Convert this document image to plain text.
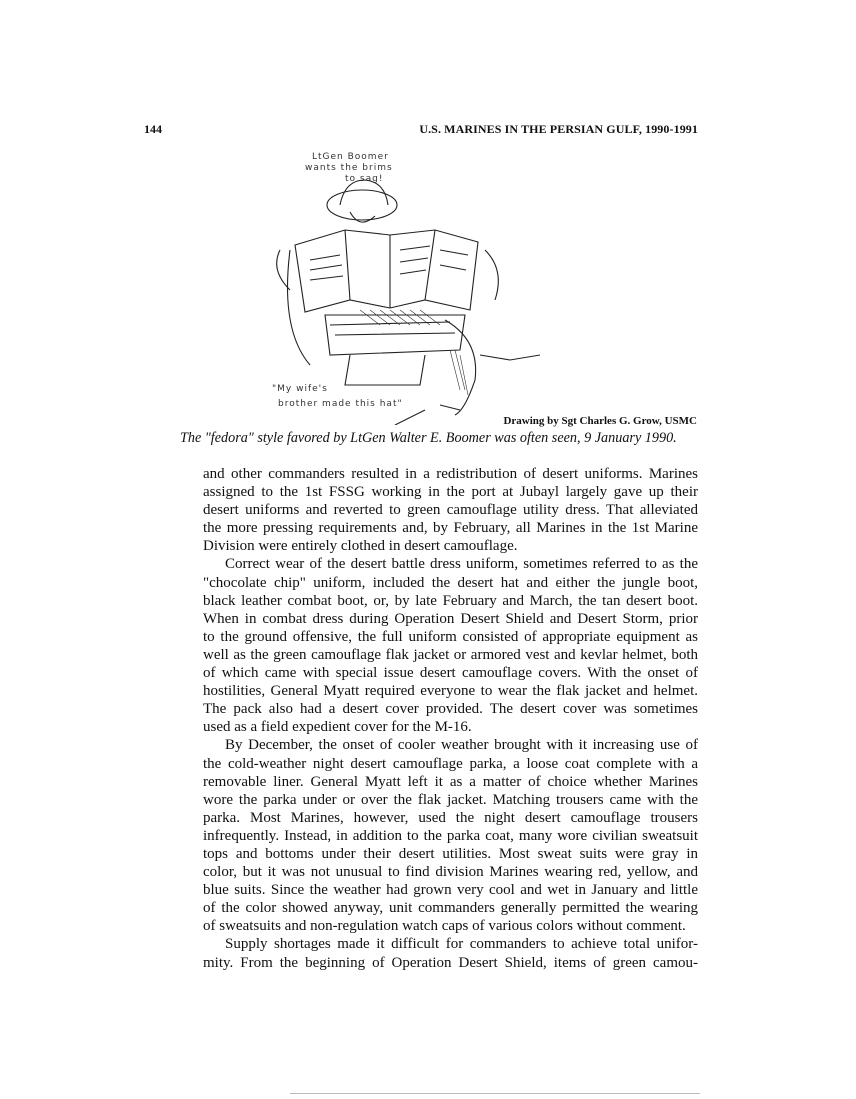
144	U.S. MARINES IN THE PERSIAN GULF, 1990-1991
LtGen Boomer
wants the brims
to sag!
"My wife's
brother made this hat"
Drawing by Sgt Charles G. Grow, USMC
The "fedora" style favored by LtGen Walter E. Boomer was often seen, 9 January 1990.
and other commanders resulted in a redistribution of desert uniforms. Marines
assigned to the 1st FSSG working in the port at Jubayl largely gave up their
desert uniforms and reverted to green camouflage utility dress. That alleviated
the more pressing requirements and, by February, all Marines in the 1st Marine
Division were entirely clothed in desert camouflage.
Correct wear of the desert battle dress uniform, sometimes referred to as the
"chocolate chip" uniform, included the desert hat and either the jungle boot,
black leather combat boot, or, by late February and March, the tan desert boot.
When in combat dress during Operation Desert Shield and Desert Storm, prior
to the ground offensive, the full uniform consisted of appropriate equipment as
well as the green camouflage flak jacket or armored vest and kevlar helmet, both
of which came with special issue desert camouflage covers. With the onset of
hostilities, General Myatt required everyone to wear the flak jacket and helmet.
The pack also had a desert cover provided. The desert cover was sometimes
used as a field expedient cover for the M-16.
By December, the onset of cooler weather brought with it increasing use of
the cold-weather night desert camouflage parka, a loose coat complete with a
removable liner. General Myatt left it as a matter of choice whether Marines
wore the parka under or over the flak jacket. Matching trousers came with the
parka. Most Marines, however, used the night desert camouflage trousers
infrequently. Instead, in addition to the parka coat, many wore civilian sweatsuit
tops and bottoms under their desert utilities. Most sweat suits were gray in
color, but it was not unusual to find division Marines wearing red, yellow, and
blue suits. Since the weather had grown very cool and wet in January and little
of the color showed anyway, unit commanders generally permitted the wearing
of sweatsuits and non-regulation watch caps of various colors without comment.
Supply shortages made it difficult for commanders to achieve total unifor-
mity. From the beginning of Operation Desert Shield, items of green camou-
